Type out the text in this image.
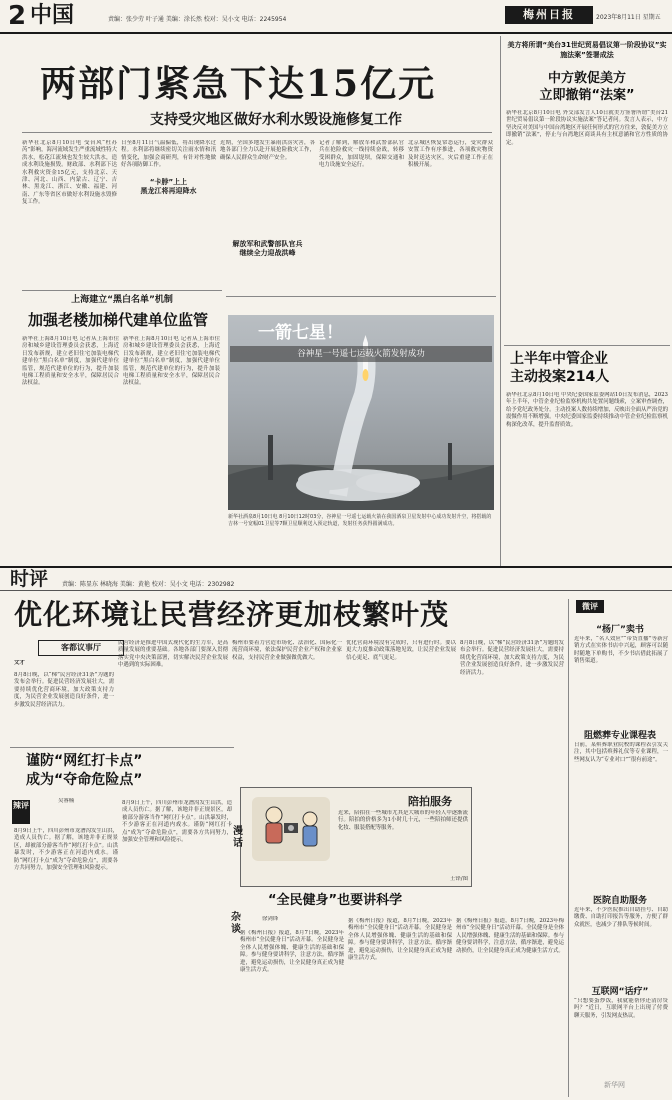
2 中国	责编：张少劳 叶子通 美编：涂长然 校对：吴小文 电话：2245954	梅州日报	2023年8月11日 星期五
两部门紧急下达15亿元
支持受灾地区做好水利水毁设施修复工作
新华社北京8月10日电 受台风“杜苏芮”影响，海河流域发生严重流域性特大洪水，松花江流域也发生较大洪水，造成水利设施损毁。财政部、水利部下达水利救灾资金15亿元，支持北京、天津、河北、山西、内蒙古、辽宁、吉林、黑龙江、浙江、安徽、福建、河南、广东等省区市做好水利设施水毁修复工作。
日至8月11日气温偏低，将出现降水过程。水利部将继续密切关注雨水情和汛情变化，加强会商研判，有针对性地做好各项防御工作。
“卡脖”上上
黑龙江将再迎降水
近期，全国多地发生暴雨洪涝灾害，各地各部门全力以赴开展抢险救灾工作，确保人民群众生命财产安全。
解放军和武警部队官兵
继续全力迎战洪峰
记者了解到，解放军和武警部队官兵在抢险救灾一线持续奋战，转移受困群众，加固堤坝，保障交通和电力设施安全运行。
北京城区恢复常态运行，受灾群众安置工作有序推进，各项救灾物资及时送达灾区，灾后重建工作正在积极开展。
美方将所谓“美台31世纪贸易倡议第一阶段协议”实施法案”签署成法
中方敦促美方
立即撤销“法案”
新华社北京8月10日电 外交部发言人10日就美方签署所谓“美台21世纪贸易倡议第一阶段协议实施法案”答记者问。发言人表示，中方坚决反对美国与中国台湾地区开展任何形式的官方往来，敦促美方立即撤销“法案”，停止与台湾地区商谈具有主权意涵和官方性质的协定。
上半年中管企业
主动投案214人
新华社北京8月10日电 中央纪委国家监委网站10日发布消息，2023年上半年，中管企业纪检监察机构共处置问题线索，立案审查调查，给予党纪政务处分。主动投案人数持续增加，反映出全面从严治党的震慑作用不断增强。中央纪委国家监委持续推动中管企业纪检监察机构深化改革，提升监督质效。
上海建立“黑白名单”机制
加强老楼加梯代建单位监管
新华社上海8月10日电 记者从上海市住房和城乡建设管理委员会获悉，上海近日发布新规，建立老旧住宅加装电梯代建单位“黑白名单”制度，加强代建单位监管，规范代建单位的行为，提升加装电梯工程质量和安全水平，保障居民合法权益。
新华社上海8月10日电 记者从上海市住房和城乡建设管理委员会获悉，上海近日发布新规，建立老旧住宅加装电梯代建单位“黑白名单”制度，加强代建单位监管，规范代建单位的行为，提升加装电梯工程质量和安全水平，保障居民合法权益。
一箭七星！
谷神星一号遥七运载火箭发射成功
新华社酒泉8月10日电 8月10日12时03分，谷神星一号遥七运载火箭在我国酒泉卫星发射中心成功发射升空，将搭载的吉林一号宽幅01卫星等7颗卫星顺利送入预定轨道，发射任务获得圆满成功。
时评 责编：陈显东 林晓海 美编：黄艳 校对：吴小文 电话：2302982
优化环境让民营经济更加枝繁叶茂
客都议事厅
文才
8月8日晚，以“梯”民营经济31条”为题的发布会举行。促进民营经济发展壮大，需要持续优化营商环境，加大政策支持力度，为民营企业发展创造良好条件，进一步激发民营经济活力。
民营经济是推进中国式现代化的生力军，是高质量发展的重要基础。各地各部门要深入贯彻落实党中央决策部署，切实解决民营企业发展中遇到的实际困难。
梅州市要着力营造市场化、法治化、国际化一流营商环境，依法保护民营企业产权和企业家权益，支持民营企业做强做优做大。
优化营商环境没有完成时，只有进行时。要以更大力度推动政策落地见效，让民营企业发展信心更足、底气更足。
8月8日晚，以“梯”民营经济31条”为题的发布会举行。促进民营经济发展壮大，需要持续优化营商环境，加大政策支持力度，为民营企业发展创造良好条件，进一步激发民营经济活力。
谨防“网红打卡点”
成为“夺命危险点”
辣评	吴睿楠
8月9日上午，四川彭州市龙漕沟发生山洪，造成人员伤亡。据了解，该地并非正规景区，却被部分游客当作“网红打卡点”。山洪暴发时，不少游客正在河道内戏水。谨防“网红打卡点”成为“夺命危险点”，需要各方共同努力，加强安全管理和风险提示。
8月9日上午，四川彭州市龙漕沟发生山洪，造成人员伤亡。据了解，该地并非正规景区，却被部分游客当作“网红打卡点”。山洪暴发时，不少游客正在河道内戏水。谨防“网红打卡点”成为“夺命危险点”，需要各方共同努力，加强安全管理和风险提示。
陪拍服务
漫话
近来，陪拍在一些城市尤其是大城市的年轻人中逐渐流行。陪拍的价格多为1小时几十元，一些陪拍师还提供化妆、服装搭配等服务。
王铎/图
“全民健身”也要讲科学
杂谈
徐剑锋
据《梅州日报》报道，8月7日晚，2023年梅州市“全民健身日”活动开幕。全民健身是全体人民增强体魄、健康生活的基础和保障。参与健身要讲科学，注意方法，循序渐进，避免运动损伤，让全民健身真正成为健康生活方式。
据《梅州日报》报道，8月7日晚，2023年梅州市“全民健身日”活动开幕。全民健身是全体人民增强体魄、健康生活的基础和保障。参与健身要讲科学，注意方法，循序渐进，避免运动损伤，让全民健身真正成为健康生活方式。
据《梅州日报》报道，8月7日晚，2023年梅州市“全民健身日”活动开幕。全民健身是全体人民增强体魄、健康生活的基础和保障。参与健身要讲科学，注意方法，循序渐进，避免运动损伤，让全民健身真正成为健康生活方式。
微评
“杨厂”卖书
近年来，“名人效应”“带货直播”等新营销方式在实体书店中兴起，顾客可以随时随地下单购书，不少书店借此拓展了销售渠道。
阻燃葬专业课程表
日前，某殡葬职业院校的课程表引发关注，其中包括殡葬礼仪等专业课程，一些网友认为“专业对口”“很有前途”。
医院自助服务
近年来，不少医院推出自助挂号、自助缴费、自助打印报告等服务，方便了群众就医，也减少了排队等候时间。
互联网“话疗”
“只想要蛋炒饭，我就能帮你还清房贷吗？”近日，互联网平台上出现了付费聊天服务，引发网友热议。
新华网
